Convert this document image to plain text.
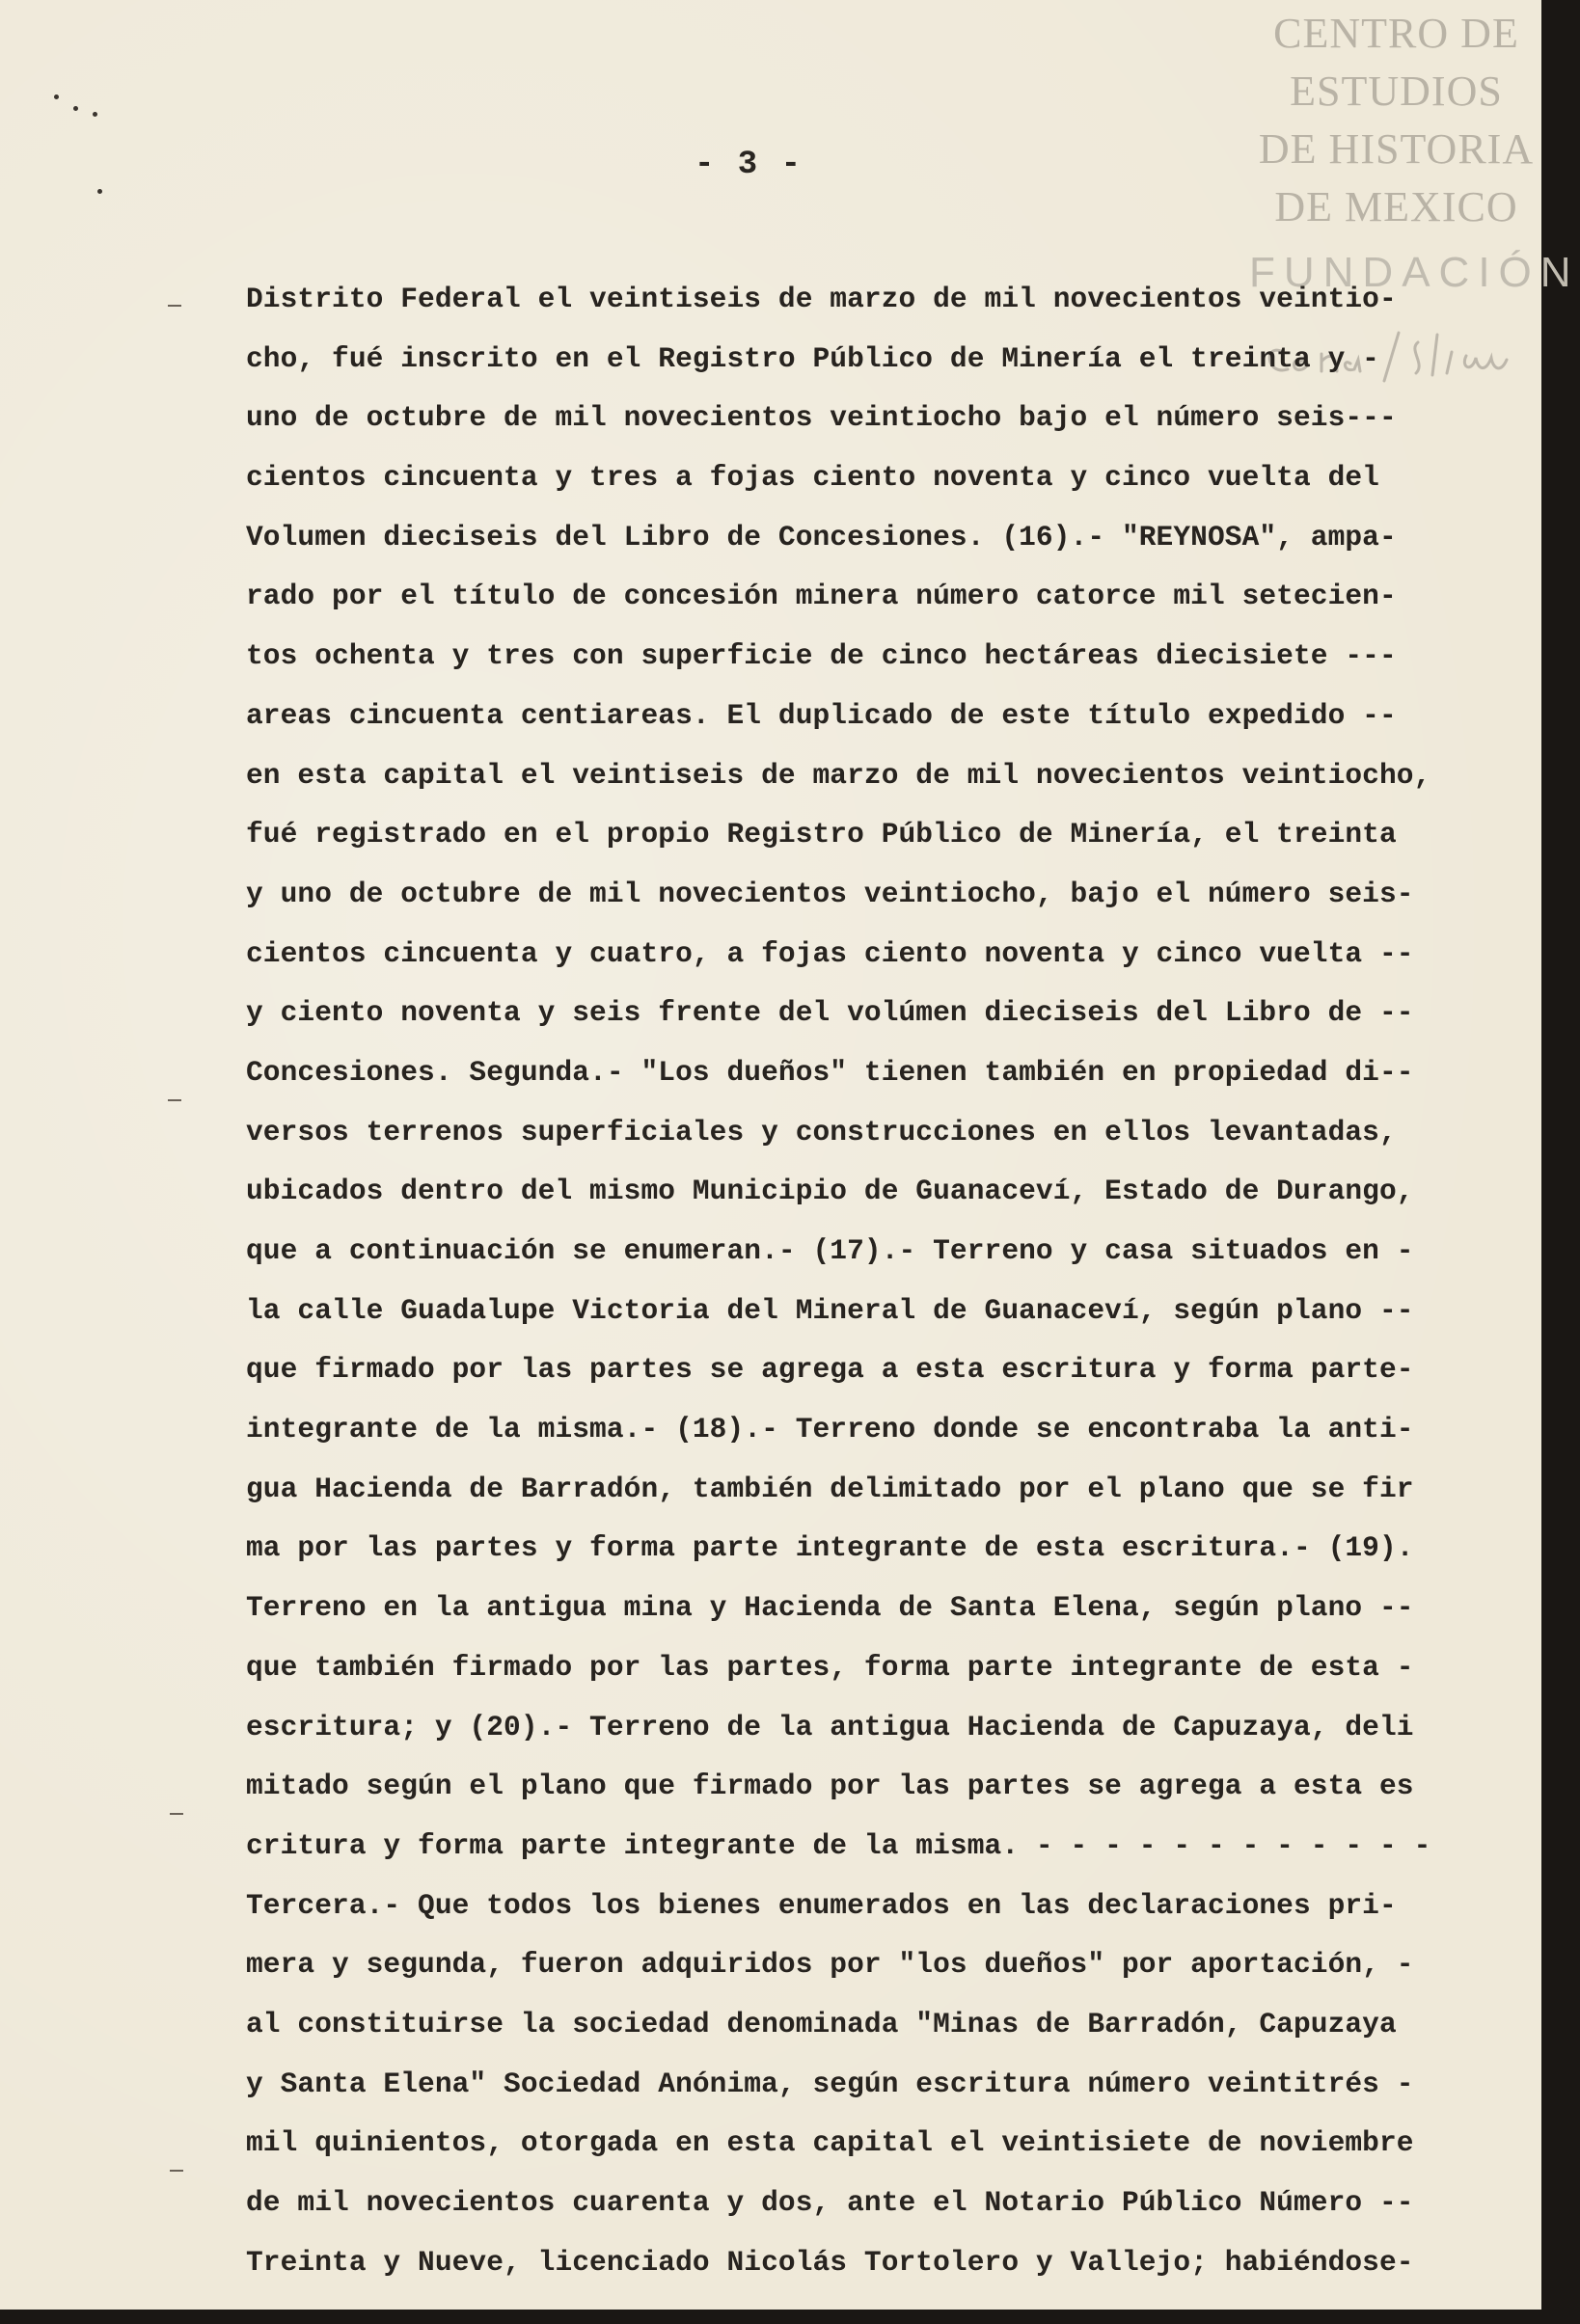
CENTRO DE
ESTUDIOS
DE HISTORIA
DE MEXICO
FUNDACIÓN
- 3 -
Distrito Federal el veintiseis de marzo de mil novecientos veintio-
cho, fué inscrito en el Registro Público de Minería el treinta y -
uno de octubre de mil novecientos veintiocho bajo el número seis---
cientos cincuenta y tres a fojas ciento noventa y cinco vuelta del
Volumen dieciseis del Libro de Concesiones. (16).- "REYNOSA", ampa-
rado por el título de concesión minera número catorce mil setecien-
tos ochenta y tres con superficie de cinco hectáreas diecisiete ---
areas cincuenta centiareas. El duplicado de este título expedido --
en esta capital el veintiseis de marzo de mil novecientos veintiocho,
fué registrado en el propio Registro Público de Minería, el treinta
y uno de octubre de mil novecientos veintiocho, bajo el número seis-
cientos cincuenta y cuatro, a fojas ciento noventa y cinco vuelta --
y ciento noventa y seis frente del volúmen dieciseis del Libro de --
Concesiones. Segunda.- "Los dueños" tienen también en propiedad di--
versos terrenos superficiales y construcciones en ellos levantadas,
ubicados dentro del mismo Municipio de Guanaceví, Estado de Durango,
que a continuación se enumeran.- (17).- Terreno y casa situados en -
la calle Guadalupe Victoria del Mineral de Guanaceví, según plano --
que firmado por las partes se agrega a esta escritura y forma parte-
integrante de la misma.- (18).- Terreno donde se encontraba la anti-
gua Hacienda de Barradón, también delimitado por el plano que se fir
ma por las partes y forma parte integrante de esta escritura.- (19).
Terreno en la antigua mina y Hacienda de Santa Elena, según plano --
que también firmado por las partes, forma parte integrante de esta -
escritura; y (20).- Terreno de la antigua Hacienda de Capuzaya, deli
mitado según el plano que firmado por las partes se agrega a esta es
critura y forma parte integrante de la misma. - - - - - - - - - - - -
Tercera.- Que todos los bienes enumerados en las declaraciones pri-
mera y segunda, fueron adquiridos por "los dueños" por aportación, -
al constituirse la sociedad denominada "Minas de Barradón, Capuzaya
y Santa Elena" Sociedad Anónima, según escritura número veintitrés -
mil quinientos, otorgada en esta capital el veintisiete de noviembre
de mil novecientos cuarenta y dos, ante el Notario Público Número --
Treinta y Nueve, licenciado Nicolás Tortolero y Vallejo; habiéndose-
